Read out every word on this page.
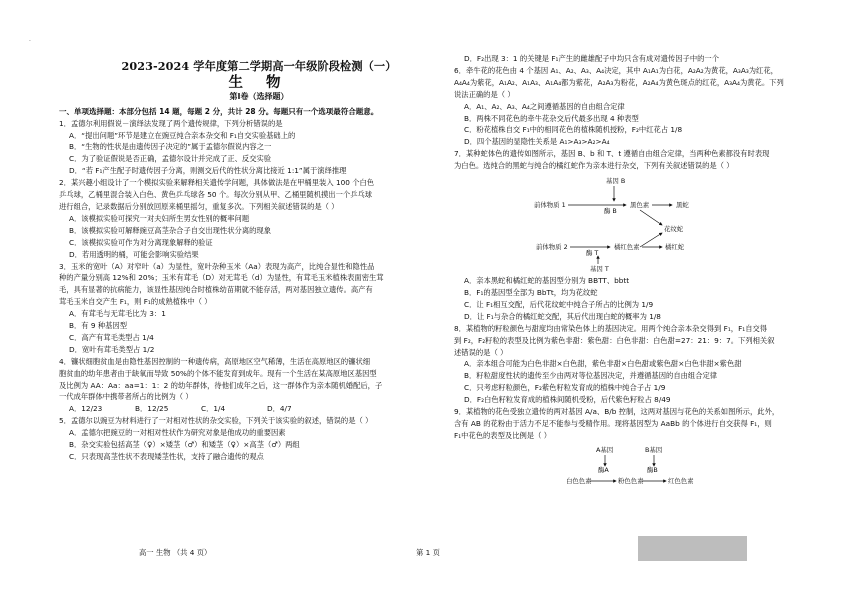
·
2023-2024 学年度第二学期高一年级阶段检测（一）
生 物
第Ⅰ卷（选择题）
一、单项选择题：本部分包括 14 题，每题 2 分，共计 28 分。每题只有一个选项最符合题意。
1．孟德尔利用假说－演绎法发现了两个遗传规律，下列分析错误的是
A．“提出问题”环节是建立在豌豆纯合亲本杂交和 F₁自交实验基础上的
B．“生物的性状是由遗传因子决定的”属于孟德尔假说内容之一
C．为了验证假说是否正确，孟德尔设计并完成了正、反交实验
D．“若 F₁产生配子时遗传因子分离，则测交后代的性状分离比接近 1:1”属于演绎推理
2．某兴趣小组设计了一个模拟实验来解释相关遗传学问题，具体做法是在甲桶里装入 100 个白色
乒乓球，乙桶里混合装入白色、黄色乒乓球各 50 个。每次分别从甲、乙桶里随机摸出一个乒乓球
进行组合，记录数据后分别放回原来桶里摇匀，重复多次。下列相关叙述错误的是（ ）
A．该模拟实验可探究一对夫妇所生男女性别的概率问题
B．该模拟实验可解释豌豆高茎杂合子自交出现性状分离的现象
C．该模拟实验可作为对分离现象解释的验证
D．若用透明的桶，可能会影响实验结果
3．玉米的宽叶（A）对窄叶（a）为显性，宽叶杂种玉米（Aa）表现为高产，比纯合显性和隐性品
种的产量分别高 12%和 20%；玉米有茸毛（D）对无茸毛（d）为显性，有茸毛玉米植株表面密生茸
毛，具有显著的抗病能力，该显性基因纯合时植株幼苗期就不能存活，两对基因独立遗传。高产有
茸毛玉米自交产生 F₁，则 F₁的成熟植株中（ ）
A．有茸毛与无茸毛比为 3：1
B．有 9 种基因型
C．高产有茸毛类型占 1/4
D．宽叶有茸毛类型占 1/2
4．镰状细胞贫血是由隐性基因控制的一种遗传病，高原地区空气稀薄，生活在高原地区的镰状细
胞贫血的幼年患者由于缺氧而导致 50%的个体不能发育到成年。现有一个生活在某高原地区基因型
及比例为 AA：Aa：aa=1：1：2 的幼年群体，待他们成年之后，这一群体作为亲本随机婚配后，子
一代成年群体中携带者所占的比例为（ ）
A．12/23	B．12/25	C．1/4	D．4/7
5．孟德尔以豌豆为材料进行了一对相对性状的杂交实验，下列关于该实验的叙述，错误的是（ ）
A．孟德尔把豌豆的一对相对性状作为研究对象是他成功的重要因素
B．杂交实验包括高茎（♀）×矮茎（♂）和矮茎（♀）×高茎（♂）两组
C．只表现高茎性状不表现矮茎性状，支持了融合遗传的观点
D．F₂出现 3：1 的关键是 F₁产生的雌雄配子中均只含有成对遗传因子中的一个
6．牵牛花的花色由 4 个基因 A₁、A₂、A₃、A₄决定，其中 A₁A₁为白花，A₂A₂为黄花，A₃A₃为红花，
A₄A₄为紫花，A₁A₂、A₁A₃、A₁A₄都为紫花，A₂A₃为粉花，A₂A₄为黄色斑点的红花，A₃A₄为黄花。下列
说法正确的是（ ）
A．A₁、A₂、A₃、A₄之间遵循基因的自由组合定律
B．两株不同花色的牵牛花杂交后代最多出现 4 种表型
C．粉花植株自交 F₁中的相同花色的植株随机授粉，F₂中红花占 1/8
D．四个基因的显隐性关系是 A₁>A₃>A₂>A₄
7．某种蛇体色的遗传如图所示，基因 B、b 和 T、t 遵循自由组合定律，当两种色素都没有时表现
为白色。选纯合的黑蛇与纯合的橘红蛇作为亲本进行杂交，下列有关叙述错误的是（ ）
基因 B
前体物质 1
酶 B
黑色素	黑蛇
花纹蛇
前体物质 2
酶 T
橘红色素	橘红蛇
基因 T
A．亲本黑蛇和橘红蛇的基因型分别为 BBTT、bbtt
B．F₁的基因型全部为 BbTt，均为花纹蛇
C．让 F₁相互交配，后代花纹蛇中纯合子所占的比例为 1/9
D．让 F₁与杂合的橘红蛇交配，其后代出现白蛇的概率为 1/8
8．某植物的籽粒颜色与甜度均由常染色体上的基因决定。用两个纯合亲本杂交得到 F₁，F₁自交得
到 F₂，F₂籽粒的表型及比例为紫色非甜：紫色甜：白色非甜：白色甜=27：21：9：7。下列相关叙
述错误的是（ ）
A．亲本组合可能为白色非甜×白色甜，紫色非甜×白色甜或紫色甜×白色非甜×紫色甜
B．籽粒甜度性状的遗传至少由两对等位基因决定，并遵循基因的自由组合定律
C．只考虑籽粒颜色，F₂紫色籽粒发育成的植株中纯合子占 1/9
D．F₂白色籽粒发育成的植株间随机受粉，后代紫色籽粒占 8/49
9．某植物的花色受独立遗传的两对基因 A/a、B/b 控制，这两对基因与花色的关系如图所示，此外，
含有 AB 的花粉由于活力不足不能参与受精作用。现将基因型为 AaBb 的个体进行自交获得 F₁，则
F₁中花色的表型及比例是（ ）
A基因	B基因
酶A	酶B
白色色素	粉色色素	红色色素
高一 生物 （共 4 页）	第 1 页
